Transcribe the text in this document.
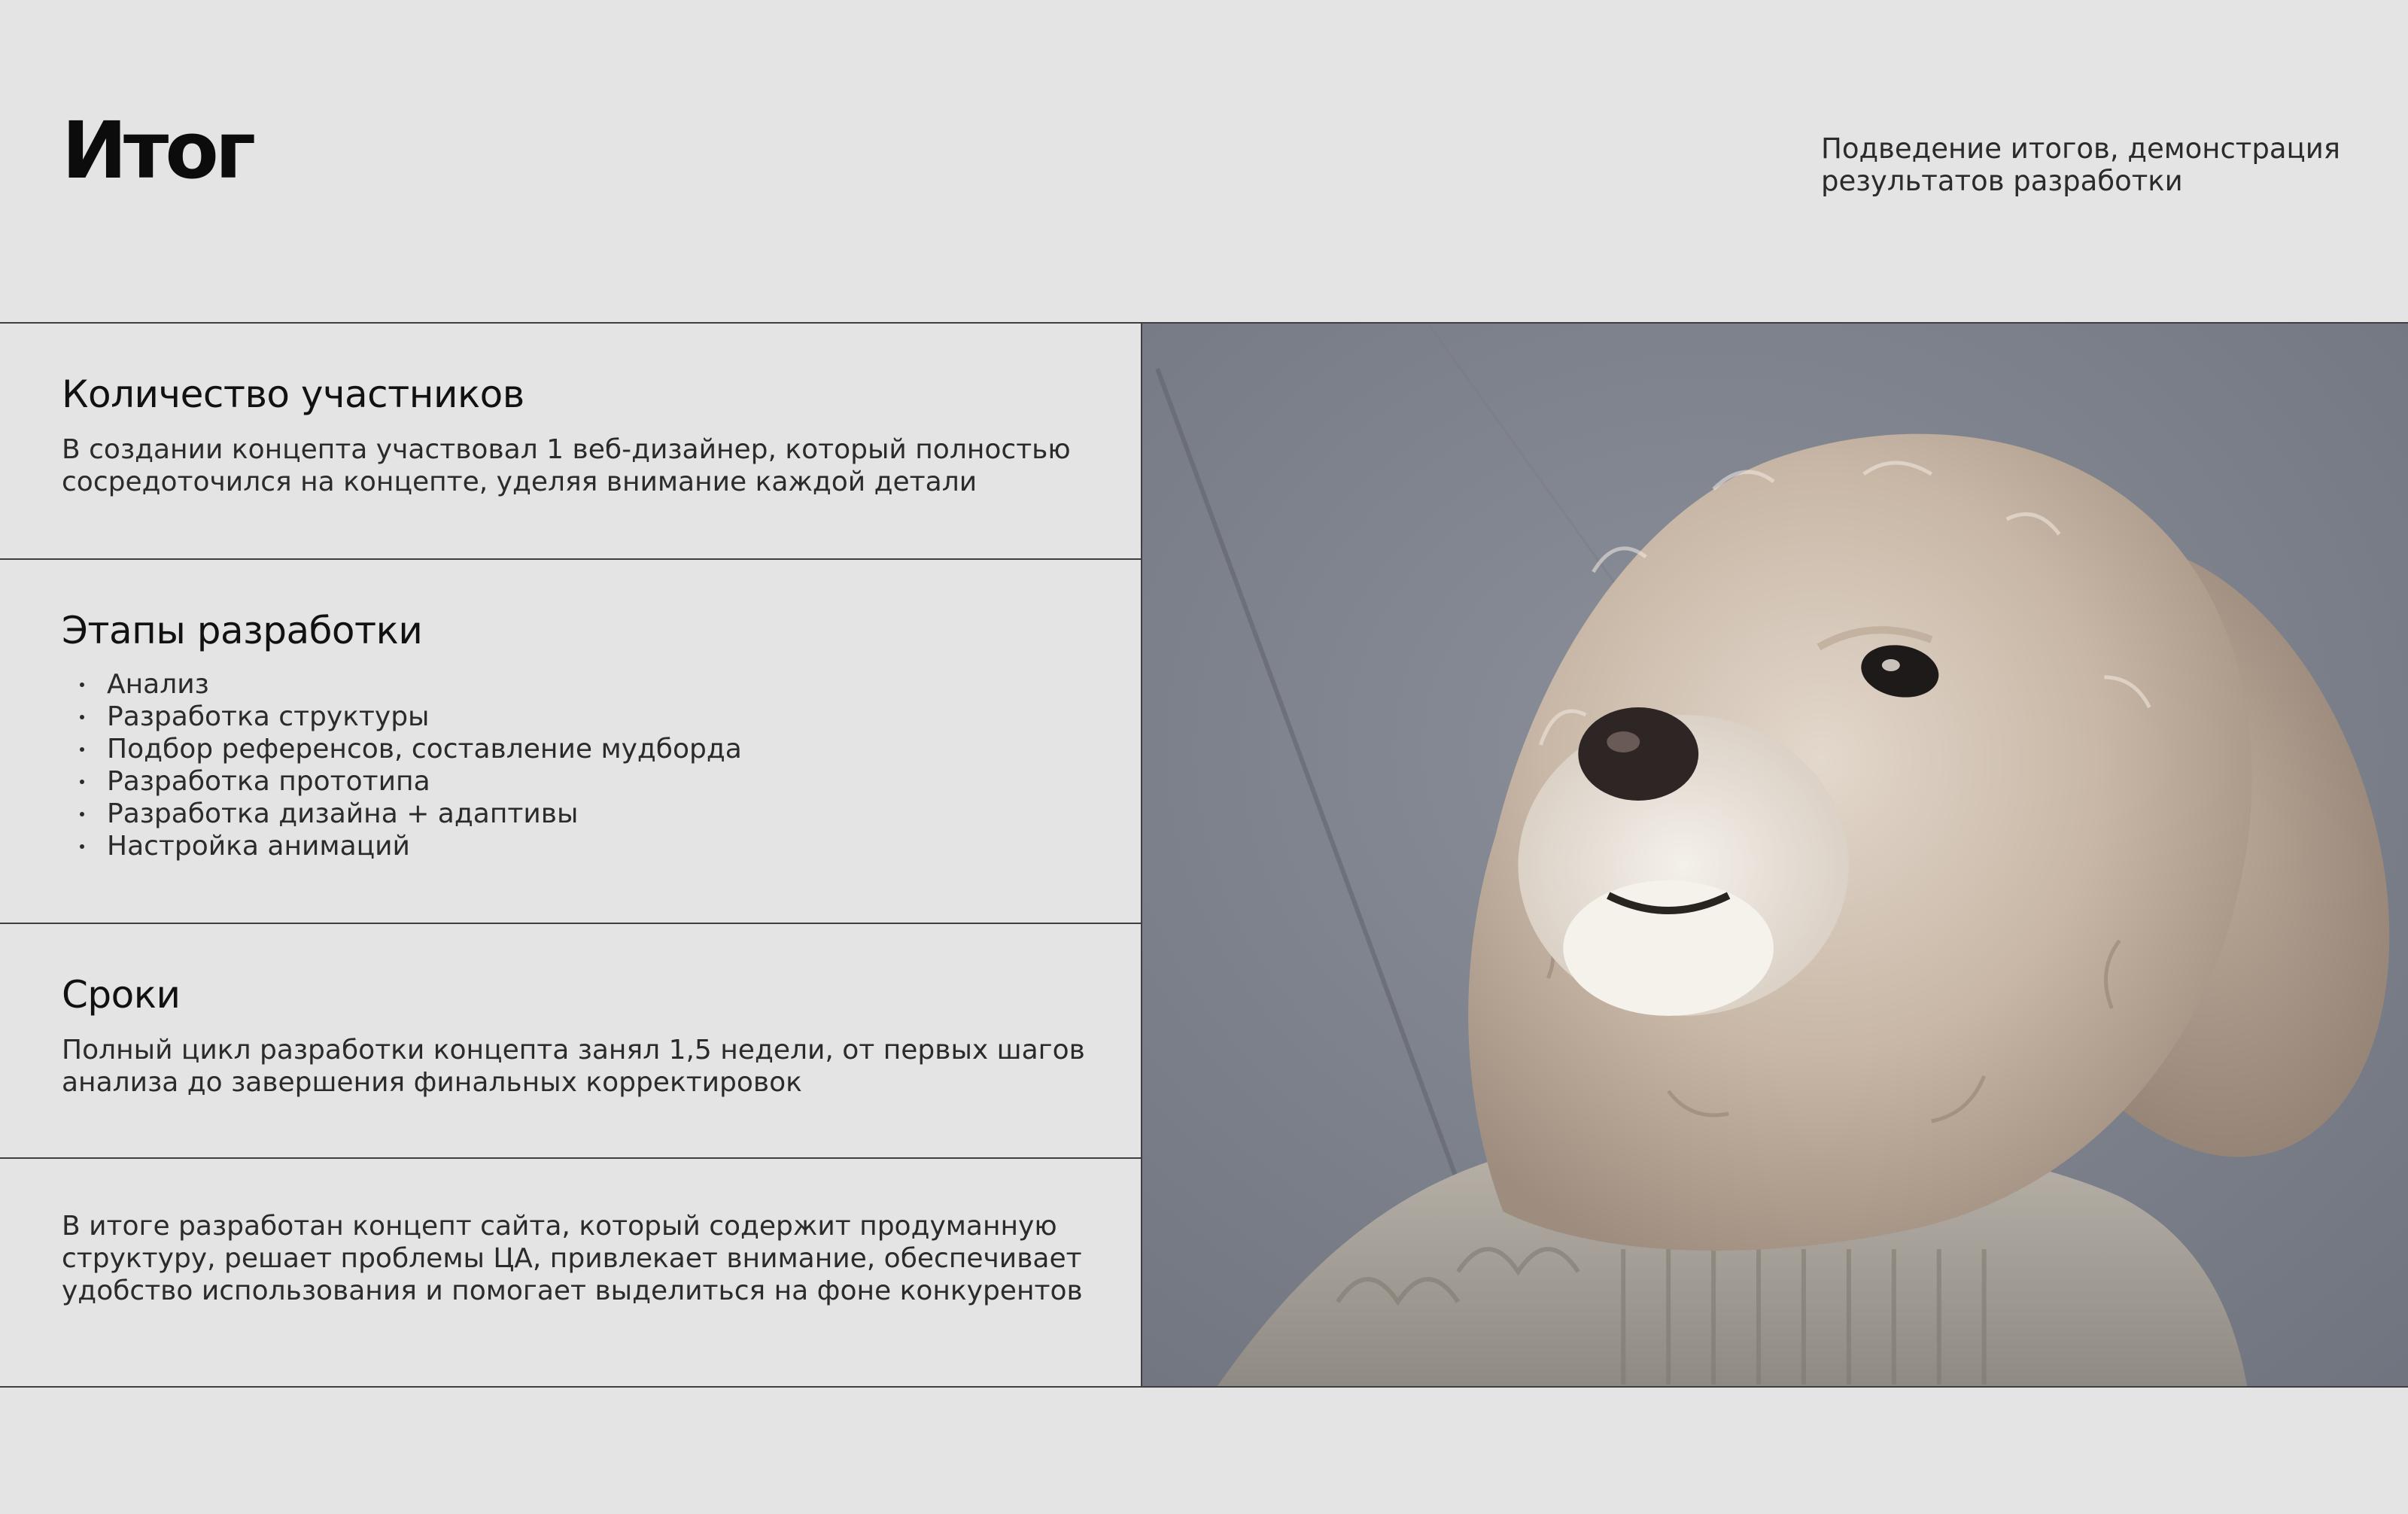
Итог	Подведение итогов, демонстрация результатов разработки

Количество участников

В создании концепта участвовал 1 веб-дизайнер, который полностью сосредоточился на концепте, уделяя внимание каждой детали

Этапы разработки
Анализ
Разработка структуры
Подбор референсов, составление мудборда
Разработка прототипа
Разработка дизайна + адаптивы
Настройка анимаций
Сроки

Полный цикл разработки концепта занял 1,5 недели, от первых шагов анализа до завершения финальных корректировок

В итоге разработан концепт сайта, который содержит продуманную структуру, решает проблемы ЦА, привлекает внимание, обеспечивает удобство использования и помогает выделиться на фоне конкурентов
